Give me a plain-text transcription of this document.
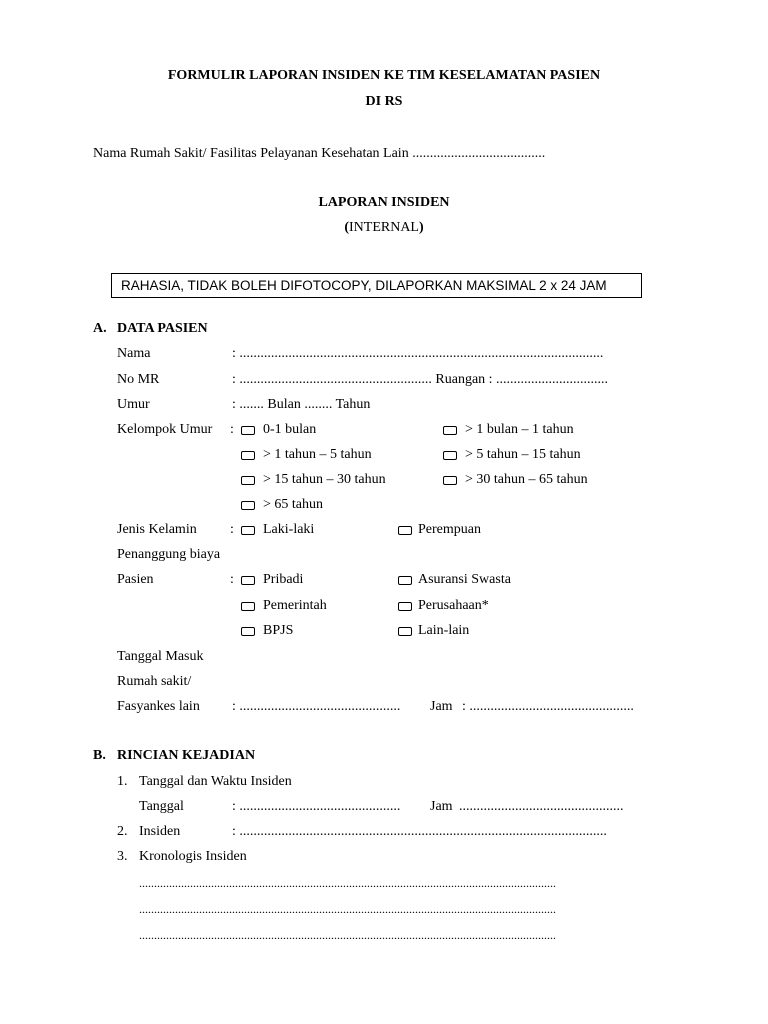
FORMULIR LAPORAN INSIDEN KE TIM KESELAMATAN PASIEN
DI RS
Nama Rumah Sakit/ Fasilitas Pelayanan Kesehatan Lain ......................................
LAPORAN INSIDEN
(INTERNAL)
RAHASIA, TIDAK BOLEH DIFOTOCOPY, DILAPORKAN MAKSIMAL 2 x 24 JAM
A. DATA PASIEN
Nama	: ........................................................................................................
No MR	: ....................................................... Ruangan : ................................
Umur	: ....... Bulan ........ Tahun
Kelompok Umur : 0-1 bulan	> 1 bulan – 1 tahun
> 1 tahun – 5 tahun	> 5 tahun – 15 tahun
> 15 tahun – 30 tahun	> 30 tahun – 65 tahun
> 65 tahun
Jenis Kelamin : Laki-laki	Perempuan
Penanggung biaya
Pasien	: Pribadi	Asuransi Swasta
Pemerintah	Perusahaan*
BPJS	Lain-lain
Tanggal Masuk
Rumah sakit/
Fasyankes lain : .............................................. Jam : ...............................................
B. RINCIAN KEJADIAN
1. Tanggal dan Waktu Insiden
Tanggal	: .............................................. Jam ...............................................
2. Insiden	: .........................................................................................................
3. Kronologis Insiden
...........................................................................................................................................
...........................................................................................................................................
...........................................................................................................................................
